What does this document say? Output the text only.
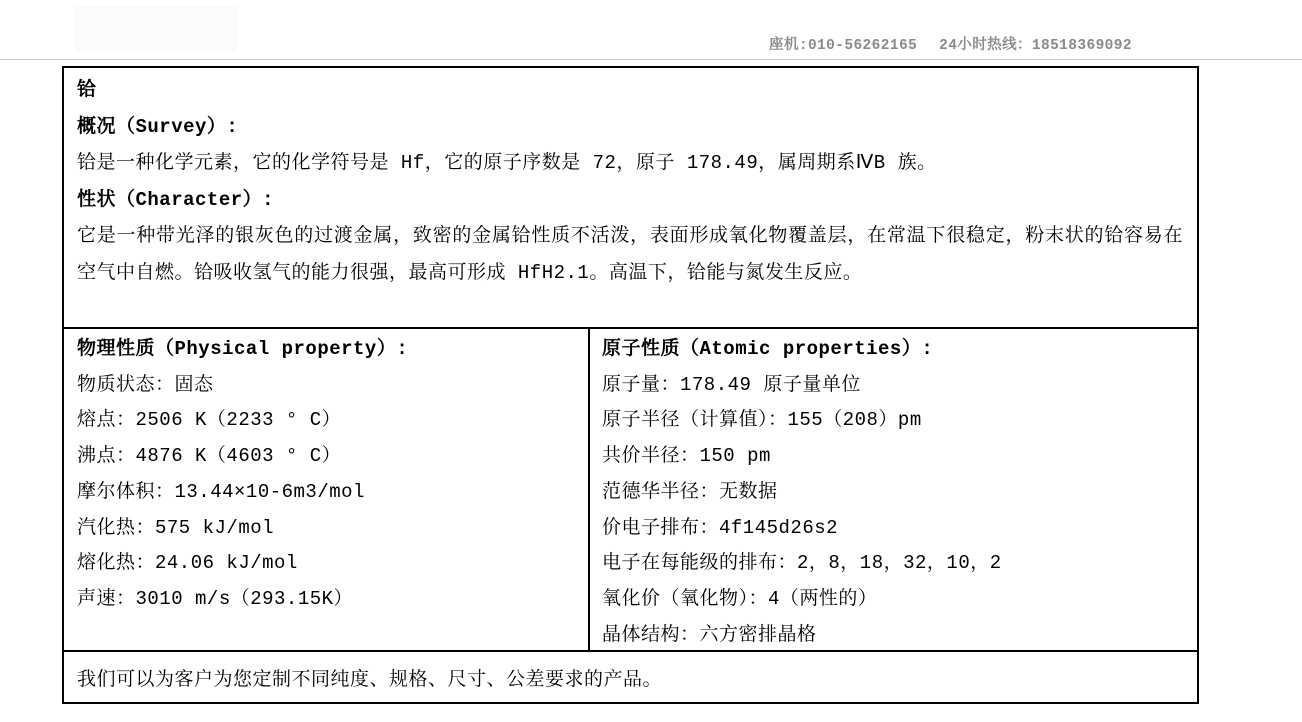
座机:010-56262165 24小时热线：18518369092
铪
概况（Survey）:
铪是一种化学元素，它的化学符号是 Hf，它的原子序数是 72，原子 178.49，属周期系ⅣB 族。
性状（Character）:
它是一种带光泽的银灰色的过渡金属，致密的金属铪性质不活泼，表面形成氧化物覆盖层，在常温下很稳定，粉末状的铪容易在空气中自燃。铪吸收氢气的能力很强，最高可形成 HfH2.1。高温下，铪能与氮发生反应。
物理性质（Physical property）:
物质状态：固态
熔点：2506 K（2233 ° C）
沸点：4876 K（4603 ° C）
摩尔体积：13.44×10-6m3/mol
汽化热：575 kJ/mol
熔化热：24.06 kJ/mol
声速：3010 m/s（293.15K）
原子性质（Atomic properties）:
原子量：178.49 原子量单位
原子半径（计算值）：155（208）pm
共价半径：150 pm
范德华半径：无数据
价电子排布：4f145d26s2
电子在每能级的排布：2，8，18，32，10，2
氧化价（氧化物）：4（两性的）
晶体结构：六方密排晶格
我们可以为客户为您定制不同纯度、规格、尺寸、公差要求的产品。
